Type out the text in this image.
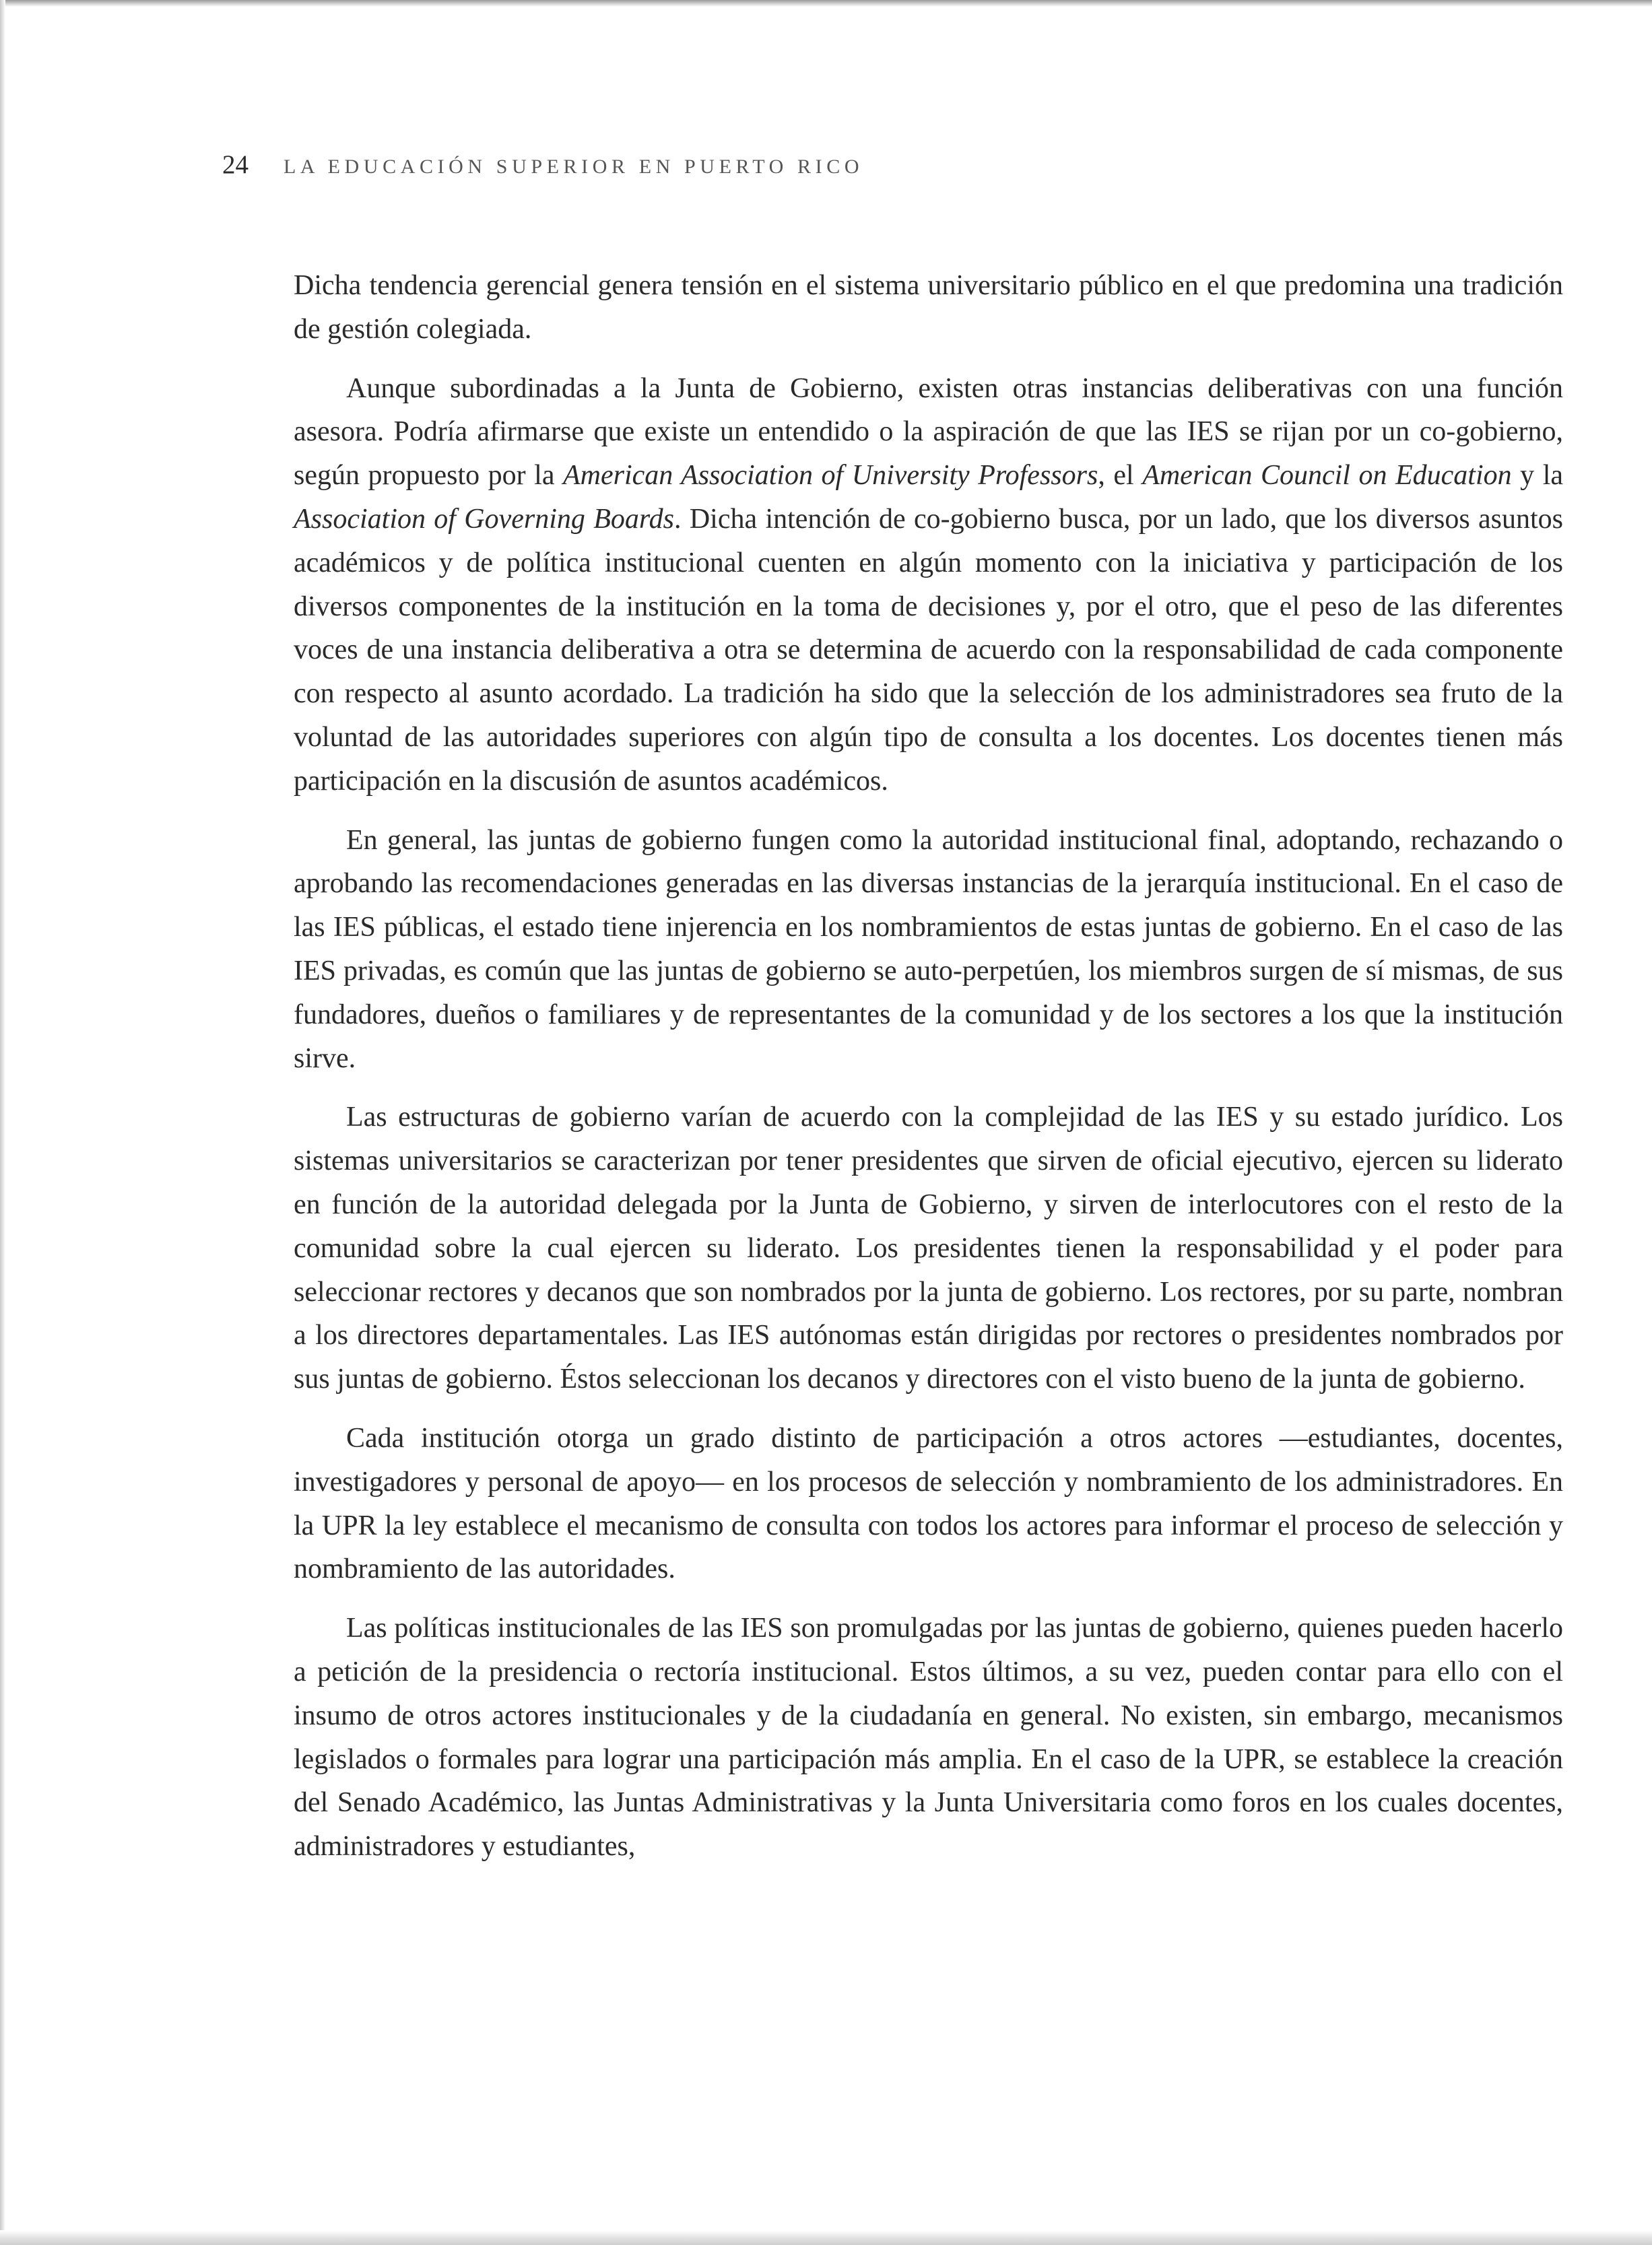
24 LA EDUCACIÓN SUPERIOR EN PUERTO RICO

Dicha tendencia gerencial genera tensión en el sistema universitario público en el que predomina una tradición de gestión colegiada.

Aunque subordinadas a la Junta de Gobierno, existen otras instancias deliberativas con una función asesora. Podría afirmarse que existe un entendido o la aspiración de que las IES se rijan por un co-gobierno, según propuesto por la American Association of University Professors, el American Council on Education y la Association of Governing Boards. Dicha intención de co-gobierno busca, por un lado, que los diversos asuntos académicos y de política institucional cuenten en algún momento con la iniciativa y participación de los diversos componentes de la institución en la toma de decisiones y, por el otro, que el peso de las diferentes voces de una instancia deliberativa a otra se determina de acuerdo con la responsabilidad de cada componente con respecto al asunto acordado. La tradición ha sido que la selección de los administradores sea fruto de la voluntad de las autoridades superiores con algún tipo de consulta a los docentes. Los docentes tienen más participación en la discusión de asuntos académicos.

En general, las juntas de gobierno fungen como la autoridad institucional final, adoptando, rechazando o aprobando las recomendaciones generadas en las diversas instancias de la jerarquía institucional. En el caso de las IES públicas, el estado tiene injerencia en los nombramientos de estas juntas de gobierno. En el caso de las IES privadas, es común que las juntas de gobierno se auto-perpetúen, los miembros surgen de sí mismas, de sus fundadores, dueños o familiares y de representantes de la comunidad y de los sectores a los que la institución sirve.

Las estructuras de gobierno varían de acuerdo con la complejidad de las IES y su estado jurídico. Los sistemas universitarios se caracterizan por tener presidentes que sirven de oficial ejecutivo, ejercen su liderato en función de la autoridad delegada por la Junta de Gobierno, y sirven de interlocutores con el resto de la comunidad sobre la cual ejercen su liderato. Los presidentes tienen la responsabilidad y el poder para seleccionar rectores y decanos que son nombrados por la junta de gobierno. Los rectores, por su parte, nombran a los directores departamentales. Las IES autónomas están dirigidas por rectores o presidentes nombrados por sus juntas de gobierno. Éstos seleccionan los decanos y directores con el visto bueno de la junta de gobierno.

Cada institución otorga un grado distinto de participación a otros actores —estudiantes, docentes, investigadores y personal de apoyo— en los procesos de selección y nombramiento de los administradores. En la UPR la ley establece el mecanismo de consulta con todos los actores para informar el proceso de selección y nombramiento de las autoridades.

Las políticas institucionales de las IES son promulgadas por las juntas de gobierno, quienes pueden hacerlo a petición de la presidencia o rectoría institucional. Estos últimos, a su vez, pueden contar para ello con el insumo de otros actores institucionales y de la ciudadanía en general. No existen, sin embargo, mecanismos legislados o formales para lograr una participación más amplia. En el caso de la UPR, se establece la creación del Senado Académico, las Juntas Administrativas y la Junta Universitaria como foros en los cuales docentes, administradores y estudiantes,
